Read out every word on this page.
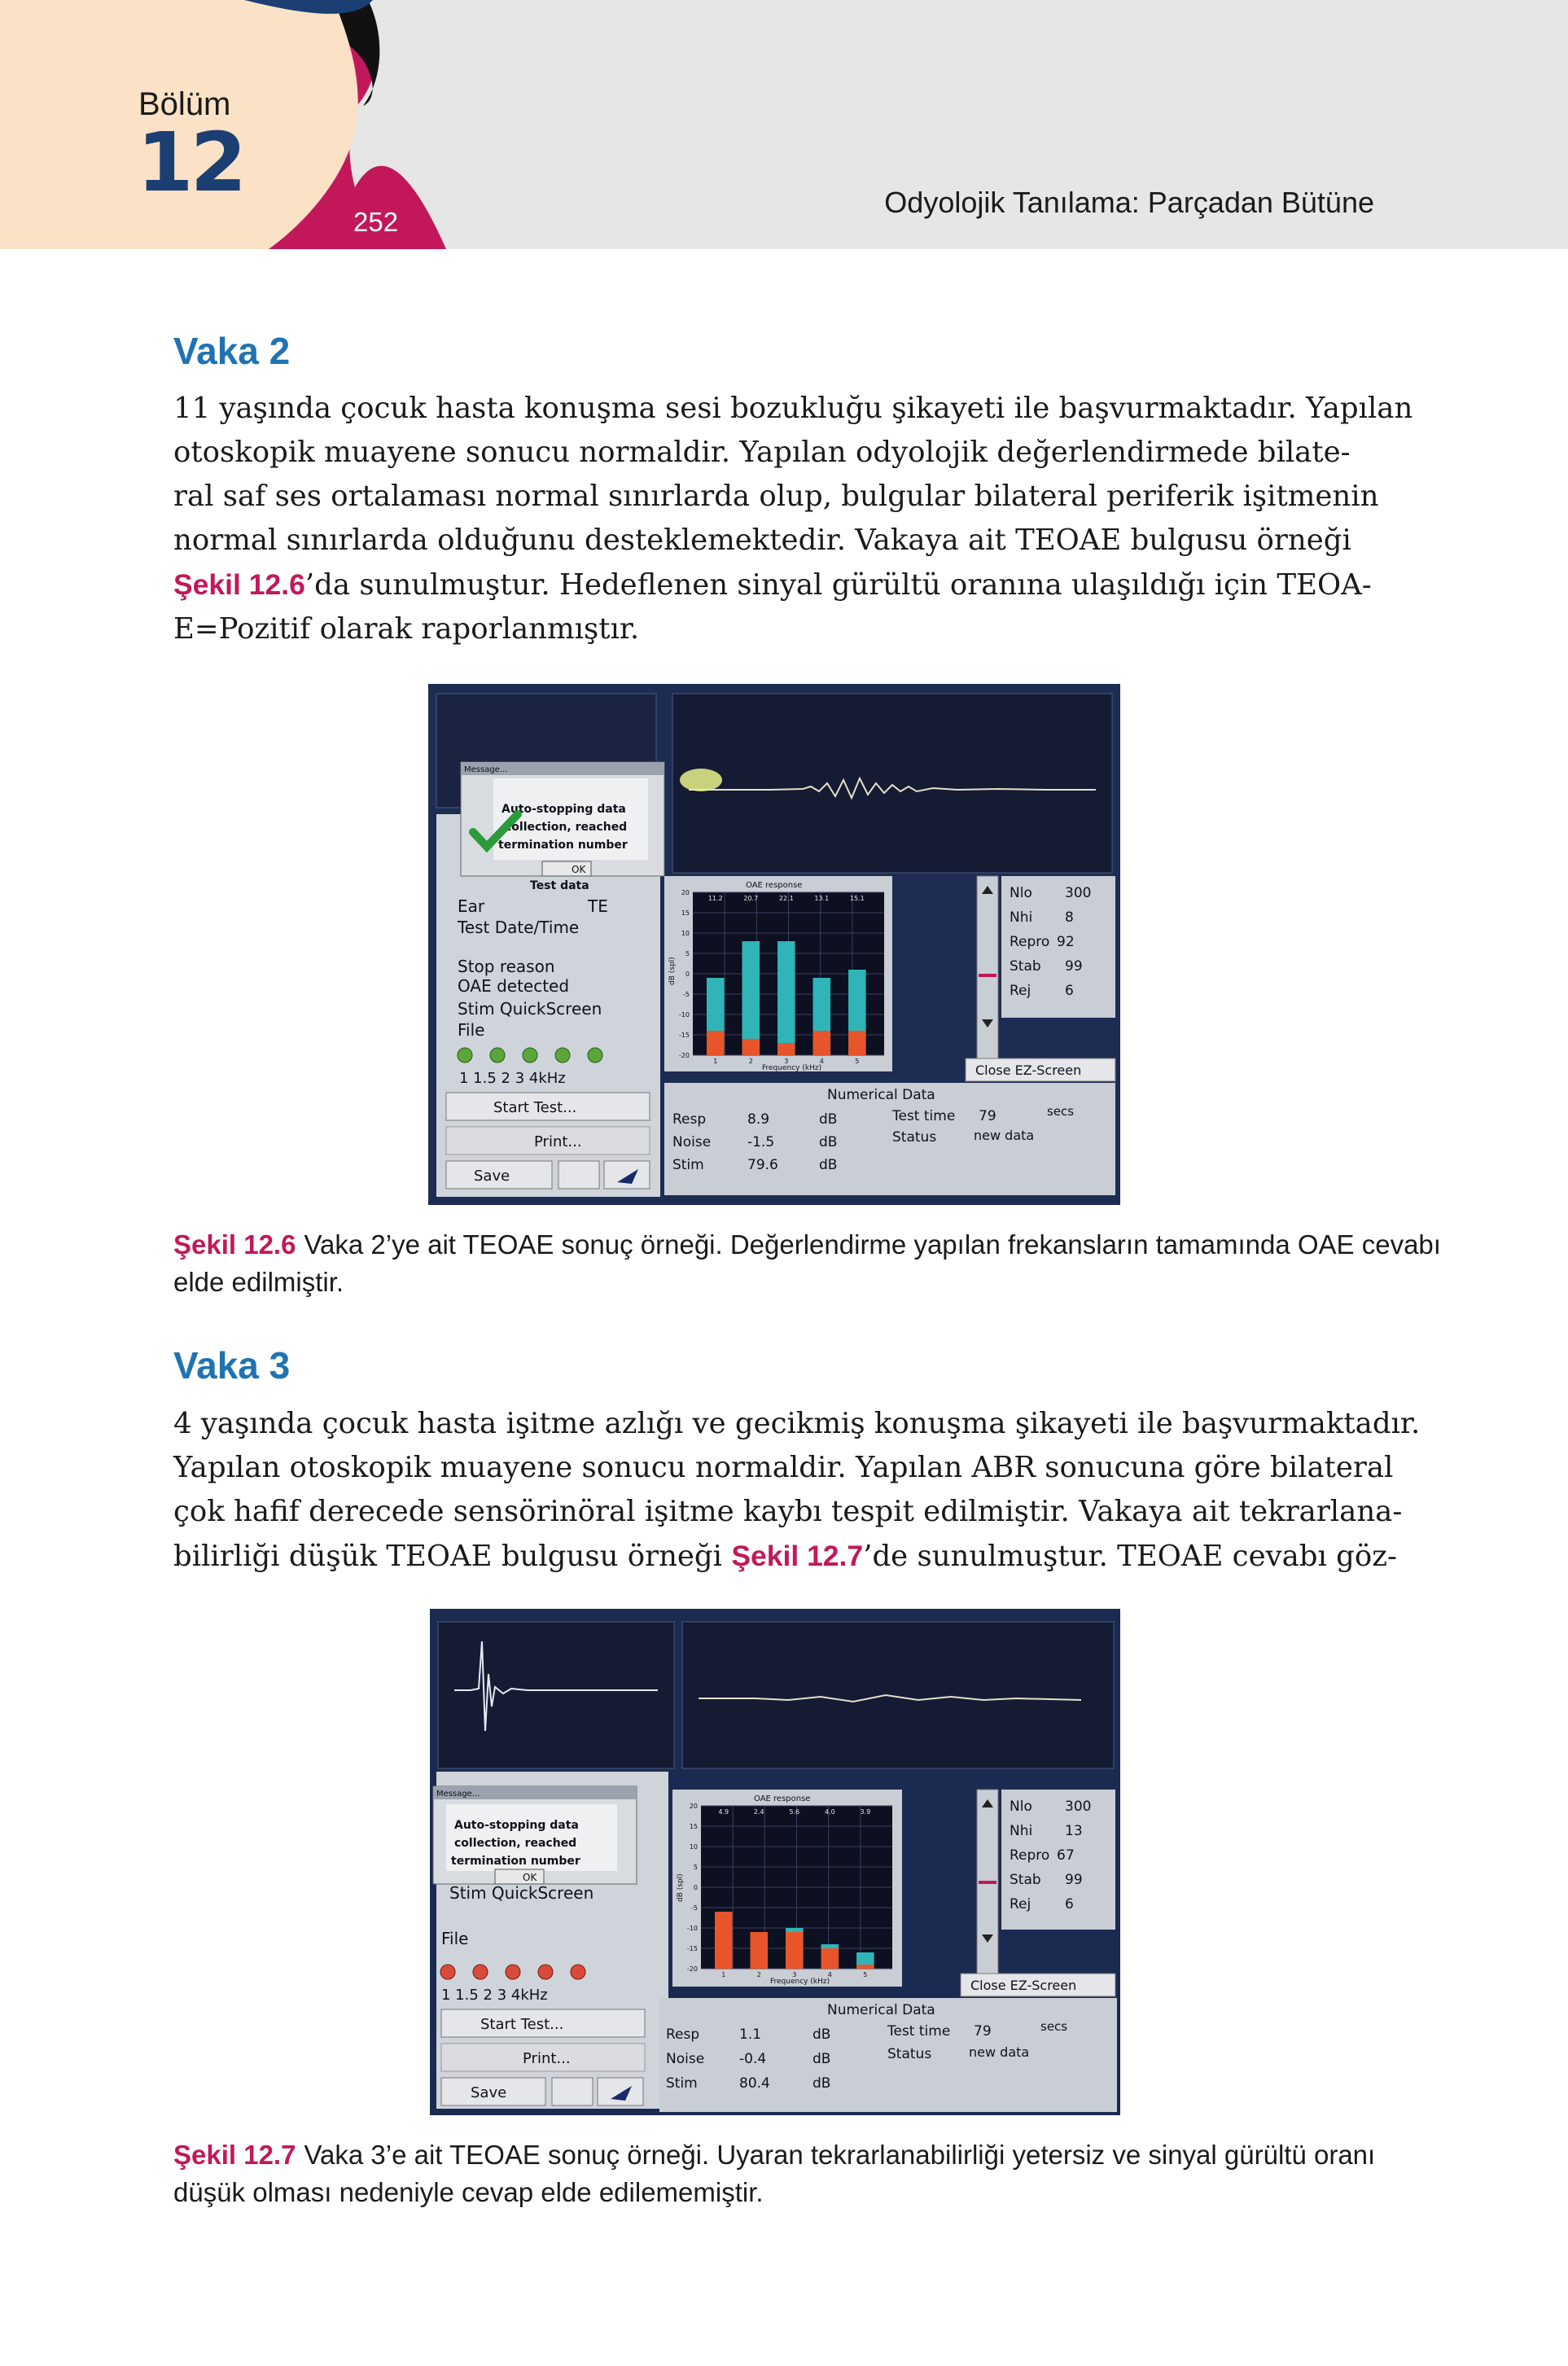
Bölüm
12
252
Odyolojik Tanılama: Parçadan Bütüne
Vaka 2
11 yaşında çocuk hasta konuşma sesi bozukluğu şikayeti ile başvurmaktadır. Yapılan
otoskopik muayene sonucu normaldir. Yapılan odyolojik değerlendirmede bilate-
ral saf ses ortalaması normal sınırlarda olup, bulgular bilateral periferik işitmenin
normal sınırlarda olduğunu desteklemektedir. Vakaya ait TEOAE bulgusu örneği
Şekil 12.6’da sunulmuştur. Hedeflenen sinyal gürültü oranına ulaşıldığı için TEOA-
E=Pozitif olarak raporlanmıştır.
Message...
Auto-stopping data
collection, reached
termination number
OK
Test data
Ear	TE
Test Date/Time
Stop reason
OAE detected
Stim QuickScreen
File
1 1.5 2 3 4kHz
Start Test...
Print...
Save
OAE response
dB (spl)
-20
-15
-10
-5
0
5
10
15
20
11.2
1
20.7
2
22.1
3
13.1
4
15.1
5
Frequency (kHz)
Nlo 300
Nhi 8
Repro 92
Stab 99
Rej 6
Close EZ-Screen
Numerical Data
Resp	8.9	dB
Noise	-1.5	dB
Stim	79.6	dB
Test time 79	secs
Status	new data
Şekil 12.6 Vaka 2’ye ait TEOAE sonuç örneği. Değerlendirme yapılan frekansların tamamında OAE cevabı
elde edilmiştir.
Vaka 3
4 yaşında çocuk hasta işitme azlığı ve gecikmiş konuşma şikayeti ile başvurmaktadır.
Yapılan otoskopik muayene sonucu normaldir. Yapılan ABR sonucuna göre bilateral
çok hafif derecede sensörinöral işitme kaybı tespit edilmiştir. Vakaya ait tekrarlana-
bilirliği düşük TEOAE bulgusu örneği Şekil 12.7’de sunulmuştur. TEOAE cevabı göz-
Message...
Auto-stopping data
collection, reached
termination number
OK
Stim QuickScreen
File
1 1.5 2 3 4kHz
Start Test...
Print...
Save
OAE response
dB (spl)
-20
-15
-10
-5
0
5
10
15
20
4.9
1
2.4
2
5.6
3
4.0
4
3.9
5
Frequency (kHz)
Nlo 300
Nhi 13
Repro 67
Stab 99
Rej 6
Close EZ-Screen
Numerical Data
Resp	1.1	dB
Noise	-0.4	dB
Stim	80.4	dB
Test time 79	secs
Status	new data
Şekil 12.7 Vaka 3’e ait TEOAE sonuç örneği. Uyaran tekrarlanabilirliği yetersiz ve sinyal gürültü oranı
düşük olması nedeniyle cevap elde edilememiştir.
